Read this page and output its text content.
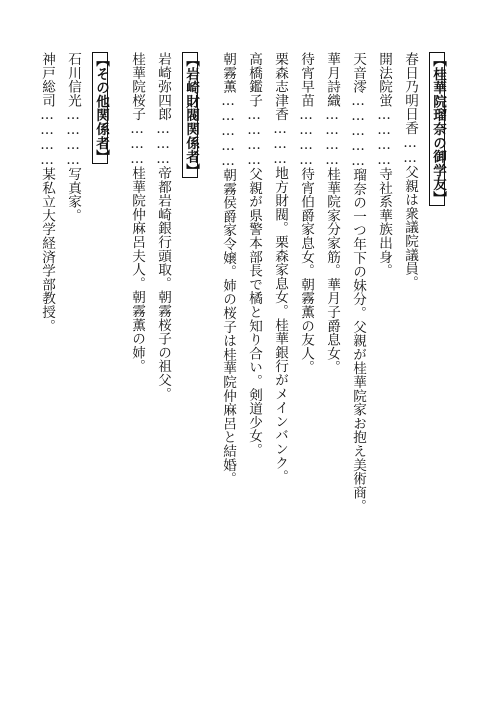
【桂華院瑠奈の御学友】
春日乃明日香……父親は衆議院議員。
開法院蛍…………寺社系華族出身。
天音澪……………瑠奈の一つ年下の妹分。父親が桂華院家お抱え美術商。
華月詩織…………桂華院家分家筋。華月子爵息女。
待宵早苗…………待宵伯爵家息女。朝霧薫の友人。
栗森志津香………地方財閥。栗森家息女。桂華銀行がメインバンク。
高橋鑑子…………父親が県警本部長で橘と知り合い。剣道少女。
朝霧薫……………朝霧侯爵家令嬢。姉の桜子は桂華院仲麻呂と結婚。
【岩崎財閥関係者】
岩崎弥四郎………帝都岩崎銀行頭取。朝霧桜子の祖父。
桂華院桜子………桂華院仲麻呂夫人。朝霧薫の姉。
【その他関係者】
石川信光…………写真家。
神戸総司…………某私立大学経済学部教授。
